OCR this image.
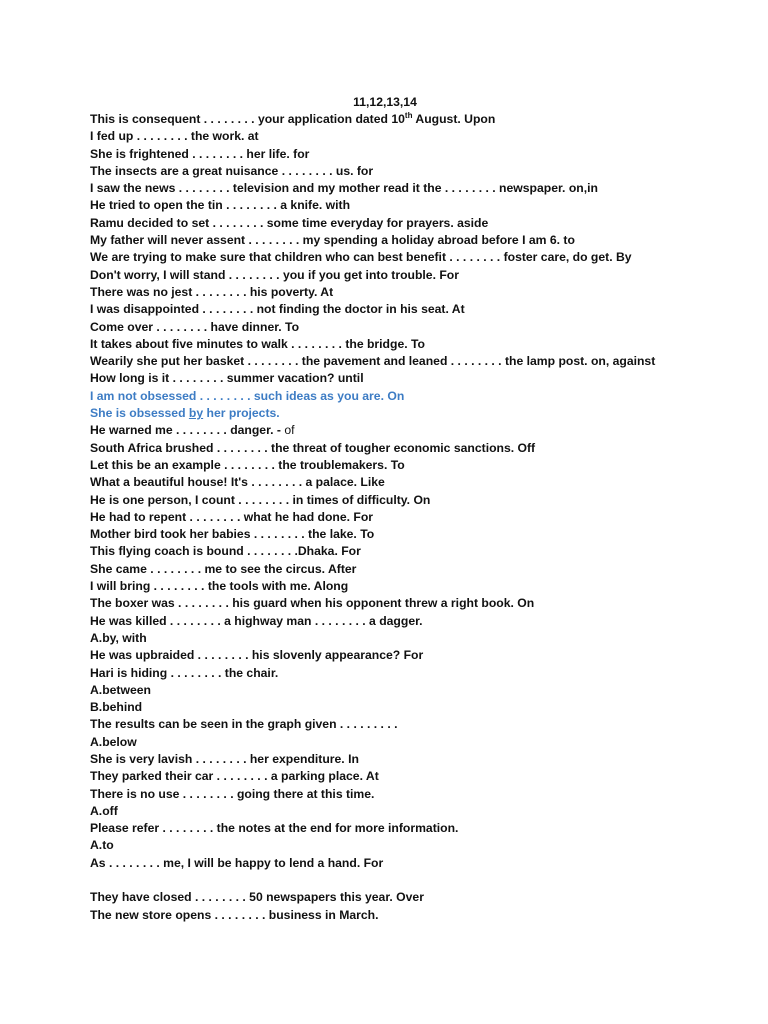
11,12,13,14
This is consequent . . . . . . . . your application dated 10th August. Upon
I fed up . . . . . . . . the work. at
She is frightened . . . . . . . . her life. for
The insects are a great nuisance . . . . . . . . us. for
I saw the news . . . . . . . . television and my mother read it the . . . . . . . . newspaper. on,in
He tried to open the tin . . . . . . . . a knife. with
Ramu decided to set . . . . . . . . some time everyday for prayers. aside
My father will never assent . . . . . . . . my spending a holiday abroad before I am 6. to
We are trying to make sure that children who can best benefit . . . . . . . . foster care, do get. By
Don't worry, I will stand . . . . . . . . you if you get into trouble. For
There was no jest . . . . . . . . his poverty. At
I was disappointed . . . . . . . . not finding the doctor in his seat. At
Come over . . . . . . . . have dinner. To
It takes about five minutes to walk . . . . . . . . the bridge. To
Wearily she put her basket . . . . . . . . the pavement and leaned . . . . . . . . the lamp post. on, against
How long is it . . . . . . . . summer vacation? until
I am not obsessed . . . . . . . . such ideas as you are. On
She is obsessed by her projects.
He warned me . . . . . . . . danger. - of
South Africa brushed . . . . . . . . the threat of tougher economic sanctions. Off
Let this be an example . . . . . . . . the troublemakers. To
What a beautiful house! It's . . . . . . . . a palace. Like
He is one person, I count . . . . . . . . in times of difficulty. On
He had to repent . . . . . . . . what he had done. For
Mother bird took her babies . . . . . . . . the lake. To
This flying coach is bound . . . . . . . .Dhaka. For
She came . . . . . . . . me to see the circus. After
I will bring . . . . . . . . the tools with me. Along
The boxer was . . . . . . . . his guard when his opponent threw a right book. On
He was killed . . . . . . . . a highway man . . . . . . . . a dagger.
A.by, with
He was upbraided . . . . . . . . his slovenly appearance? For
Hari is hiding . . . . . . . . the chair.
A.between
B.behind
The results can be seen in the graph given . . . . . . . . .
A.below
She is very lavish . . . . . . . . her expenditure. In
They parked their car . . . . . . . . a parking place. At
There is no use . . . . . . . . going there at this time.
A.off
Please refer . . . . . . . . the notes at the end for more information.
A.to
As . . . . . . . . me, I will be happy to lend a hand. For
They have closed . . . . . . . . 50 newspapers this year. Over
The new store opens . . . . . . . . business in March.
